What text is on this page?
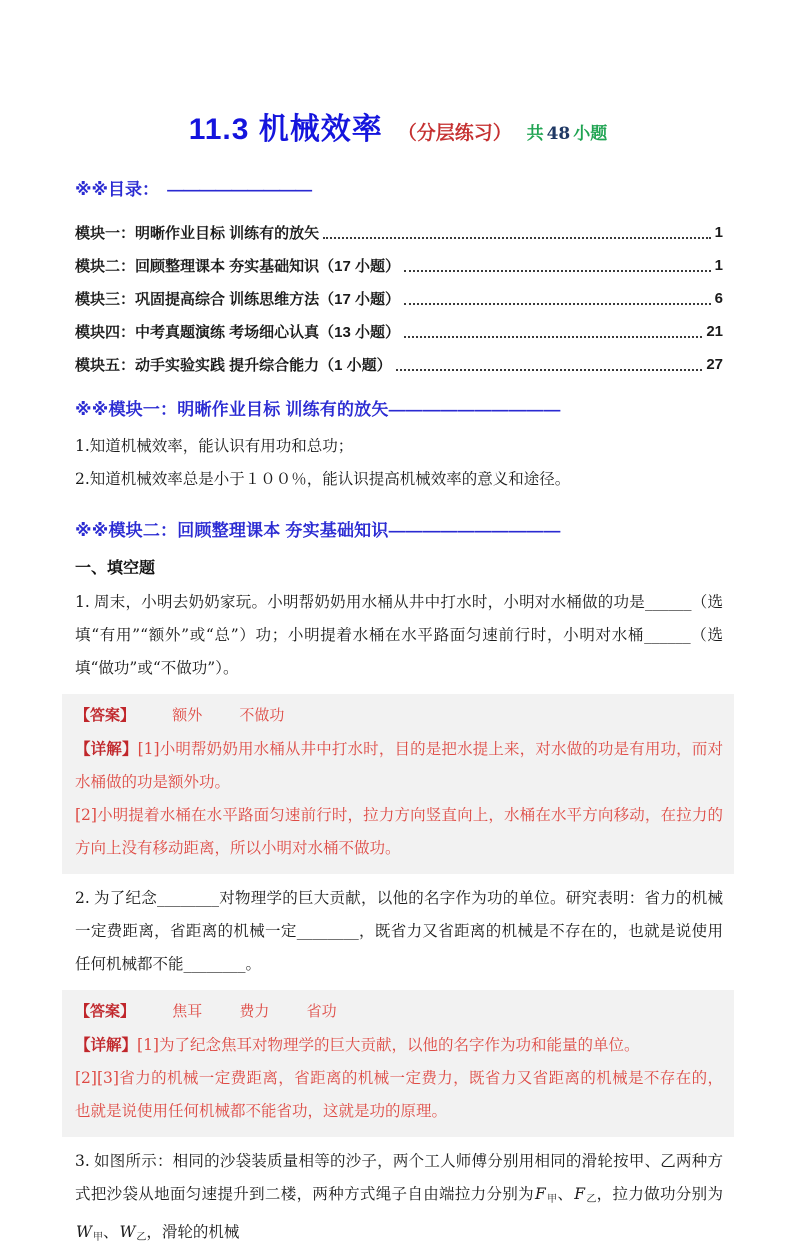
11.3 机械效率 （分层练习） 共 48 小题
※※目录： —————————
模块一：明晰作业目标 训练有的放矢	1
模块二：回顾整理课本 夯实基础知识（17 小题）	1
模块三：巩固提高综合 训练思维方法（17 小题）	6
模块四：中考真题演练 考场细心认真（13 小题）	21
模块五：动手实验实践 提升综合能力（1 小题）	27
※※模块一：明晰作业目标 训练有的放矢——————————

1.知道机械效率，能认识有用功和总功；

2.知道机械效率总是小于１００％，能认识提高机械效率的意义和途径。

※※模块二：回顾整理课本 夯实基础知识——————————
一、填空题

1. 周末，小明去奶奶家玩。小明帮奶奶用水桶从井中打水时，小明对水桶做的功是______（选填“有用”“额外”或“总”）功；小明提着水桶在水平路面匀速前行时，小明对水桶______（选填“做功”或“不做功”）。

【答案】 额外 不做功

【详解】[1]小明帮奶奶用水桶从井中打水时，目的是把水提上来，对水做的功是有用功，而对水桶做的功是额外功。

[2]小明提着水桶在水平路面匀速前行时，拉力方向竖直向上，水桶在水平方向移动，在拉力的方向上没有移动距离，所以小明对水桶不做功。

2. 为了纪念________对物理学的巨大贡献，以他的名字作为功的单位。研究表明：省力的机械一定费距离，省距离的机械一定________，既省力又省距离的机械是不存在的，也就是说使用任何机械都不能________。

【答案】 焦耳 费力 省功

【详解】[1]为了纪念焦耳对物理学的巨大贡献，以他的名字作为功和能量的单位。

[2][3]省力的机械一定费距离，省距离的机械一定费力，既省力又省距离的机械是不存在的，也就是说使用任何机械都不能省功，这就是功的原理。

3. 如图所示：相同的沙袋装质量相等的沙子，两个工人师傅分别用相同的滑轮按甲、乙两种方式把沙袋从地面匀速提升到二楼，两种方式绳子自由端拉力分别为F甲、F乙，拉力做功分别为W甲、W乙，滑轮的机械
